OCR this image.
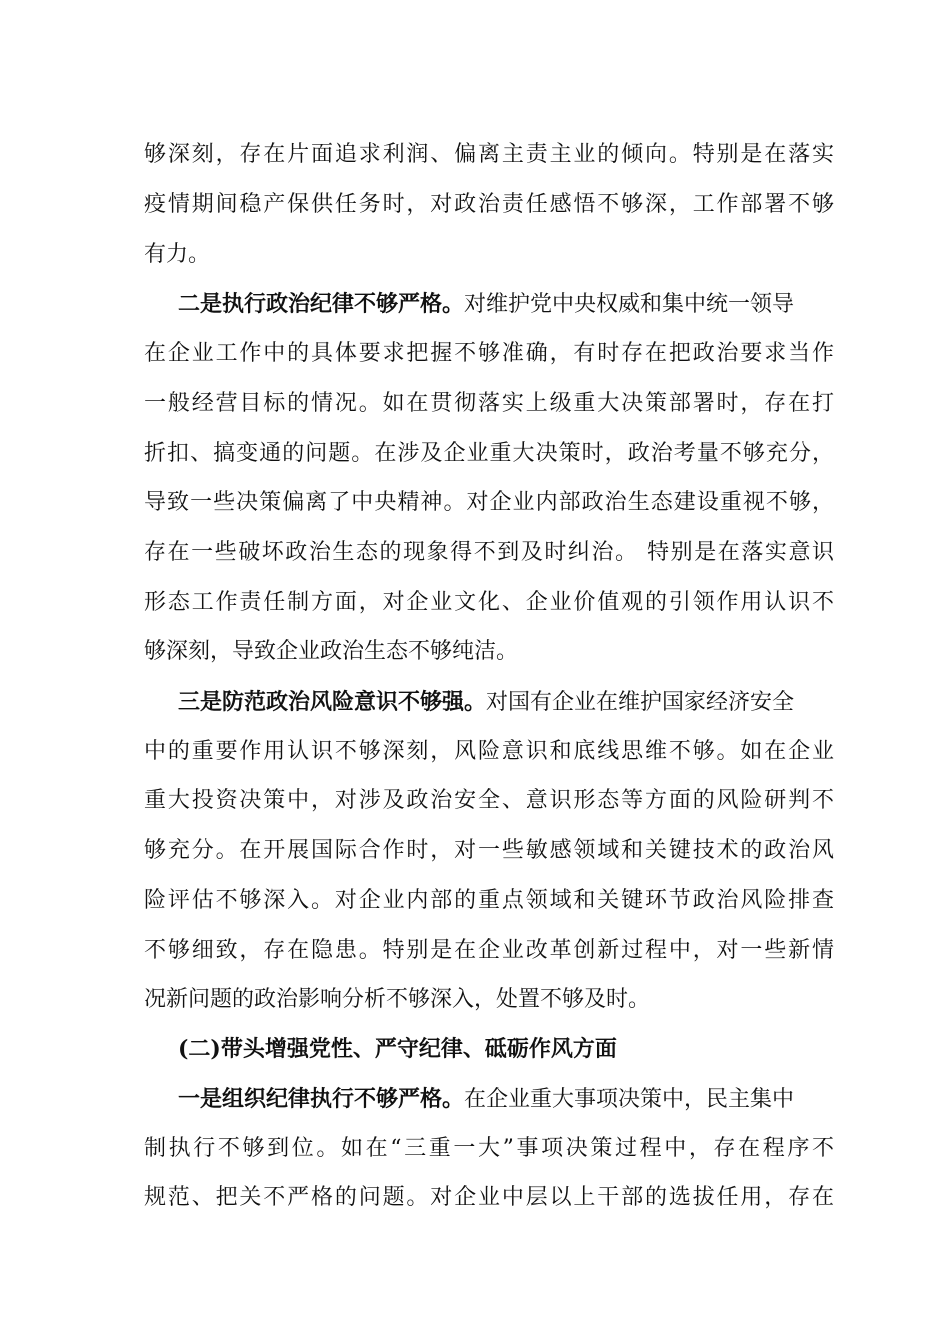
够深刻，存在片面追求利润、偏离主责主业的倾向。特别是在落实
疫情期间稳产保供任务时，对政治责任感悟不够深，工作部署不够
有力。
二是执行政治纪律不够严格。对维护党中央权威和集中统一领导
在企业工作中的具体要求把握不够准确，有时存在把政治要求当作
一般经营目标的情况。如在贯彻落实上级重大决策部署时，存在打
折扣、搞变通的问题。在涉及企业重大决策时，政治考量不够充分，
导致一些决策偏离了中央精神。对企业内部政治生态建设重视不够，
存在一些破坏政治生态的现象得不到及时纠治。 特别是在落实意识
形态工作责任制方面，对企业文化、企业价值观的引领作用认识不
够深刻，导致企业政治生态不够纯洁。
三是防范政治风险意识不够强。对国有企业在维护国家经济安全
中的重要作用认识不够深刻，风险意识和底线思维不够。如在企业
重大投资决策中，对涉及政治安全、意识形态等方面的风险研判不
够充分。在开展国际合作时，对一些敏感领域和关键技术的政治风
险评估不够深入。对企业内部的重点领域和关键环节政治风险排查
不够细致，存在隐患。特别是在企业改革创新过程中，对一些新情
况新问题的政治影响分析不够深入，处置不够及时。
(二)带头增强党性、严守纪律、砥砺作风方面
一是组织纪律执行不够严格。在企业重大事项决策中，民主集中
制执行不够到位。如在“三重一大”事项决策过程中，存在程序不
规范、把关不严格的问题。对企业中层以上干部的选拔任用，存在
